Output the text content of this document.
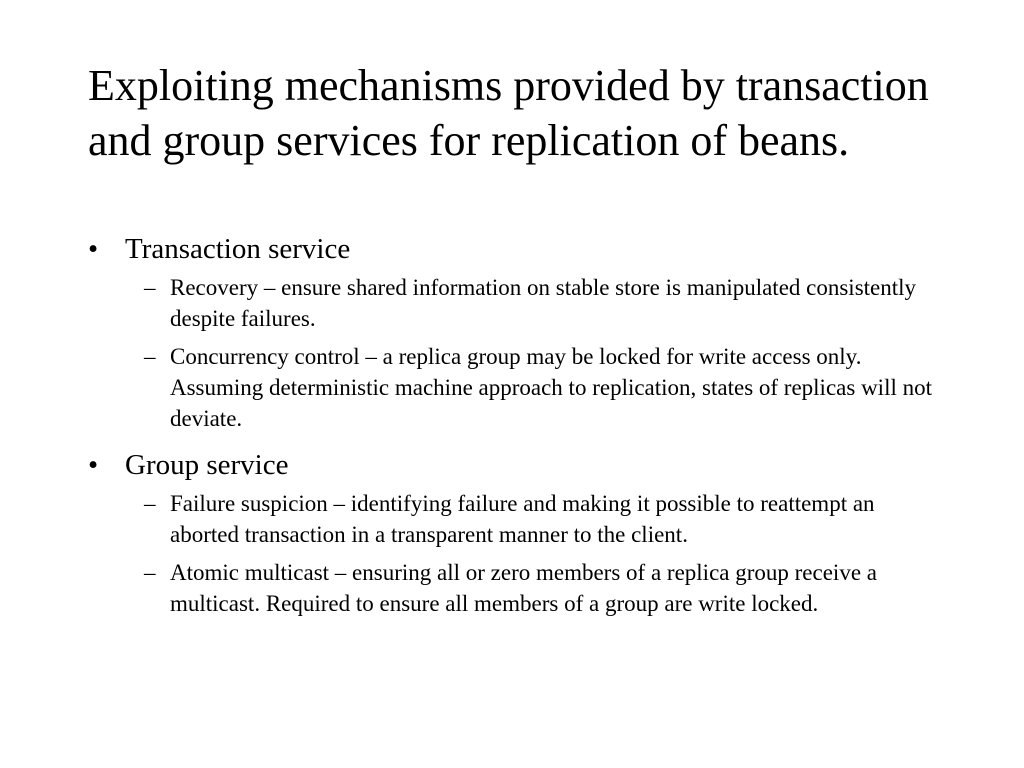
Exploiting mechanisms provided by transaction and group services for replication of beans.
• Transaction service
– Recovery – ensure shared information on stable store is manipulated consistently despite failures.
– Concurrency control – a replica group may be locked for write access only. Assuming deterministic machine approach to replication, states of replicas will not deviate.
• Group service
– Failure suspicion – identifying failure and making it possible to reattempt an aborted transaction in a transparent manner to the client.
– Atomic multicast – ensuring all or zero members of a replica group receive a multicast. Required to ensure all members of a group are write locked.
